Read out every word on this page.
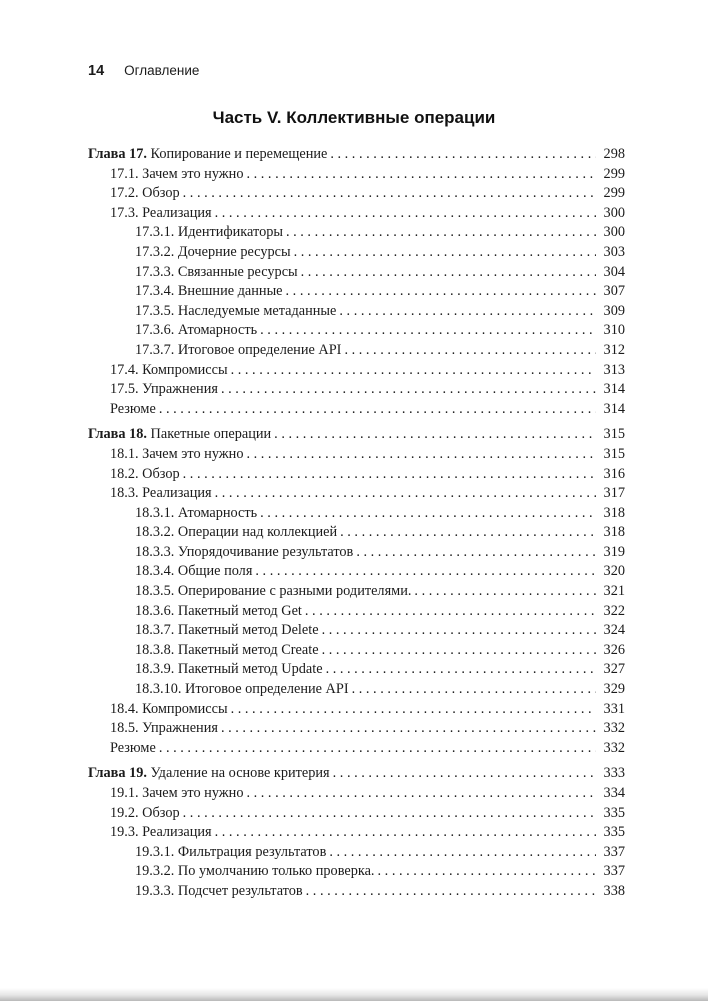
14 Оглавление
Часть V. Коллективные операции
Глава 17. Копирование и перемещение . . .	298
17.1. Зачем это нужно . . .	299
17.2. Обзор . . .	299
17.3. Реализация . . .	300
17.3.1. Идентификаторы . . .	300
17.3.2. Дочерние ресурсы . . .	303
17.3.3. Связанные ресурсы . . .	304
17.3.4. Внешние данные . . .	307
17.3.5. Наследуемые метаданные . . .	309
17.3.6. Атомарность . . .	310
17.3.7. Итоговое определение API . . .	312
17.4. Компромиссы . . .	313
17.5. Упражнения . . .	314
Резюме . . .	314
Глава 18. Пакетные операции . . .	315
18.1. Зачем это нужно . . .	315
18.2. Обзор . . .	316
18.3. Реализация . . .	317
18.3.1. Атомарность . . .	318
18.3.2. Операции над коллекцией . . .	318
18.3.3. Упорядочивание результатов . . .	319
18.3.4. Общие поля . . .	320
18.3.5. Оперирование с разными родителями. . . .	321
18.3.6. Пакетный метод Get . . .	322
18.3.7. Пакетный метод Delete . . .	324
18.3.8. Пакетный метод Create . . .	326
18.3.9. Пакетный метод Update . . .	327
18.3.10. Итоговое определение API . . .	329
18.4. Компромиссы . . .	331
18.5. Упражнения . . .	332
Резюме . . .	332
Глава 19. Удаление на основе критерия . . .	333
19.1. Зачем это нужно . . .	334
19.2. Обзор . . .	335
19.3. Реализация . . .	335
19.3.1. Фильтрация результатов . . .	337
19.3.2. По умолчанию только проверка. . . .	337
19.3.3. Подсчет результатов . . .	338
